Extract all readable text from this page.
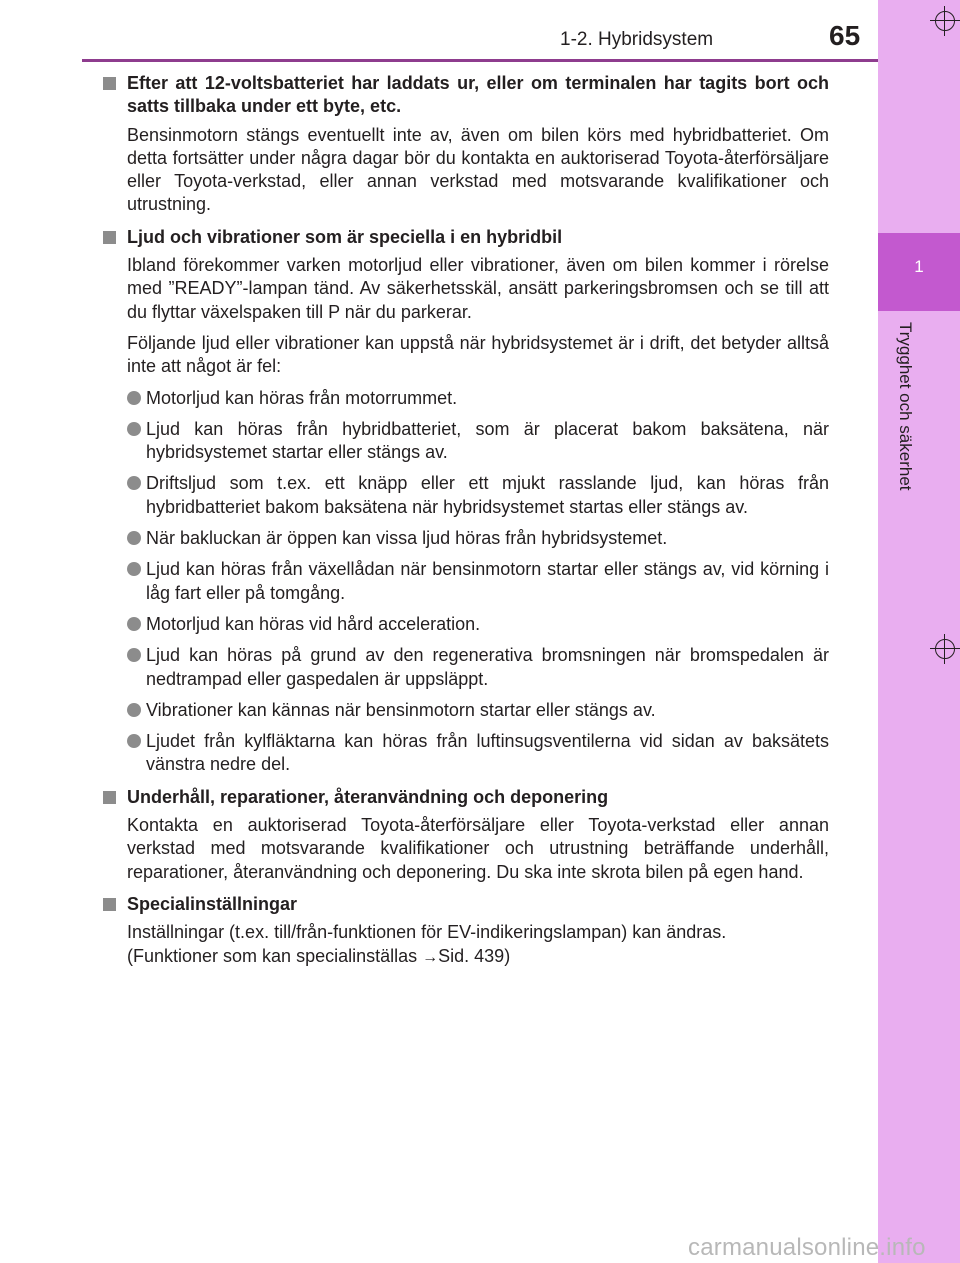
1-2. Hybridsystem	65
1
Trygghet och säkerhet
Efter att 12-voltsbatteriet har laddats ur, eller om terminalen har tagits bort och satts tillbaka under ett byte, etc.
Bensinmotorn stängs eventuellt inte av, även om bilen körs med hybridbatteriet. Om detta fortsätter under några dagar bör du kontakta en auktoriserad Toyota-återförsäljare eller Toyota-verkstad, eller annan verkstad med motsvarande kvalifikationer och utrustning.
Ljud och vibrationer som är speciella i en hybridbil
Ibland förekommer varken motorljud eller vibrationer, även om bilen kommer i rörelse med ”READY”-lampan tänd. Av säkerhetsskäl, ansätt parkeringsbromsen och se till att du flyttar växelspaken till P när du parkerar.
Följande ljud eller vibrationer kan uppstå när hybridsystemet är i drift, det betyder alltså inte att något är fel:
Motorljud kan höras från motorrummet.
Ljud kan höras från hybridbatteriet, som är placerat bakom baksätena, när hybridsystemet startar eller stängs av.
Driftsljud som t.ex. ett knäpp eller ett mjukt rasslande ljud, kan höras från hybridbatteriet bakom baksätena när hybridsystemet startas eller stängs av.
När bakluckan är öppen kan vissa ljud höras från hybridsystemet.
Ljud kan höras från växellådan när bensinmotorn startar eller stängs av, vid körning i låg fart eller på tomgång.
Motorljud kan höras vid hård acceleration.
Ljud kan höras på grund av den regenerativa bromsningen när bromspedalen är nedtrampad eller gaspedalen är uppsläppt.
Vibrationer kan kännas när bensinmotorn startar eller stängs av.
Ljudet från kylfläktarna kan höras från luftinsugsventilerna vid sidan av baksätets vänstra nedre del.
Underhåll, reparationer, återanvändning och deponering
Kontakta en auktoriserad Toyota-återförsäljare eller Toyota-verkstad eller annan verkstad med motsvarande kvalifikationer och utrustning beträffande underhåll, reparationer, återanvändning och deponering. Du ska inte skrota bilen på egen hand.
Specialinställningar
Inställningar (t.ex. till/från-funktionen för EV-indikeringslampan) kan ändras.
(Funktioner som kan specialinställas →Sid. 439)
carmanualsonline.info
